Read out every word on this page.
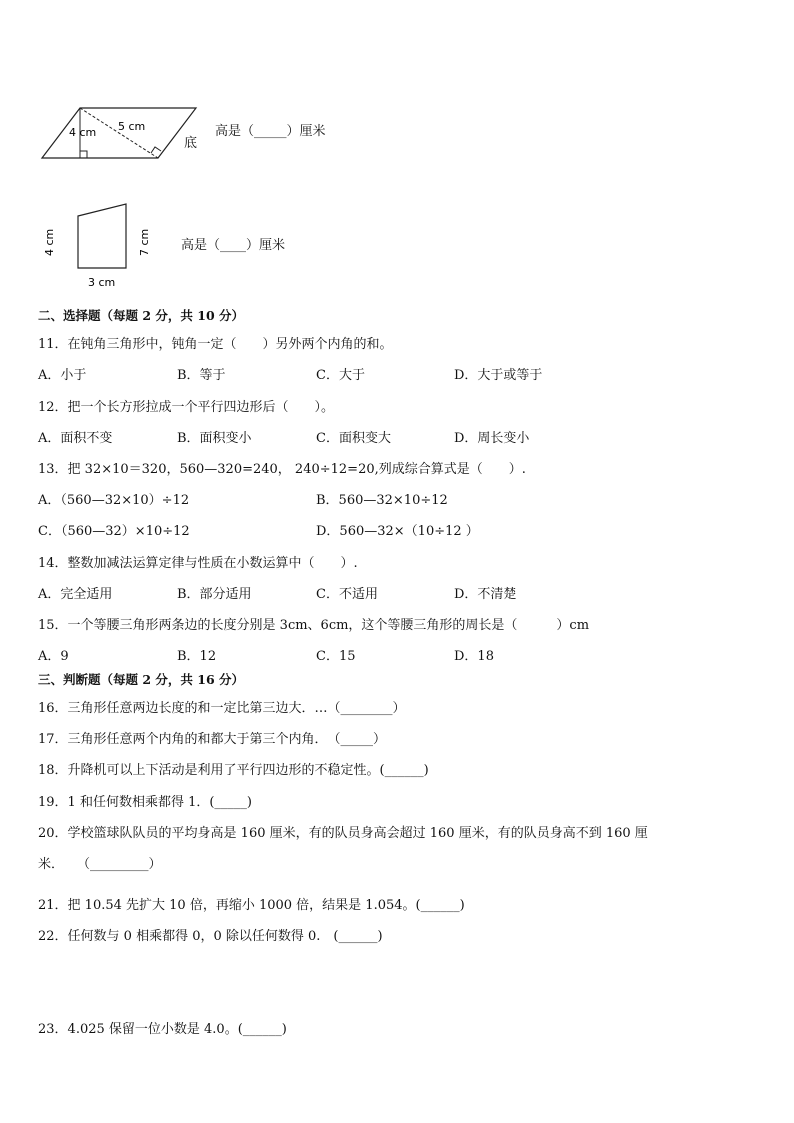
4 cm 5 cm
底
高是（_____）厘米
4 cm	7 cm
3 cm
高是（____）厘米
二、选择题（每题 2 分，共 10 分）
11．在钝角三角形中，钝角一定（　　）另外两个内角的和。
A．小于	B．等于	C．大于	D．大于或等于
12．把一个长方形拉成一个平行四边形后（　　）。
A．面积不变	B．面积变小	C．面积变大	D．周长变小
13．把 32×10＝320，560—320=240， 240÷12=20,列成综合算式是（　　）.
A．（560—32×10）÷12	B．560—32×10÷12
C．（560—32）×10÷12	D．560—32×（10÷12 ）
14．整数加减法运算定律与性质在小数运算中（　　）.
A．完全适用	B．部分适用	C．不适用	D．不清楚
15．一个等腰三角形两条边的长度分别是 3cm、6cm，这个等腰三角形的周长是（　　　）cm
A．9	B．12	C．15	D．18
三、判断题（每题 2 分，共 16 分）
16．三角形任意两边长度的和一定比第三边大．…（________）
17．三角形任意两个内角的和都大于第三个内角．　（_____）
18．升降机可以上下活动是利用了平行四边形的不稳定性。(______)
19．1 和任何数相乘都得 1．(_____)
20．学校篮球队队员的平均身高是 160 厘米，有的队员身高会超过 160 厘米，有的队员身高不到 160 厘
米．　　（_________）
21．把 10.54 先扩大 10 倍，再缩小 1000 倍，结果是 1.054。(______)
22．任何数与 0 相乘都得 0，0 除以任何数得 0.　(______)
23．4.025 保留一位小数是 4.0。(______)
